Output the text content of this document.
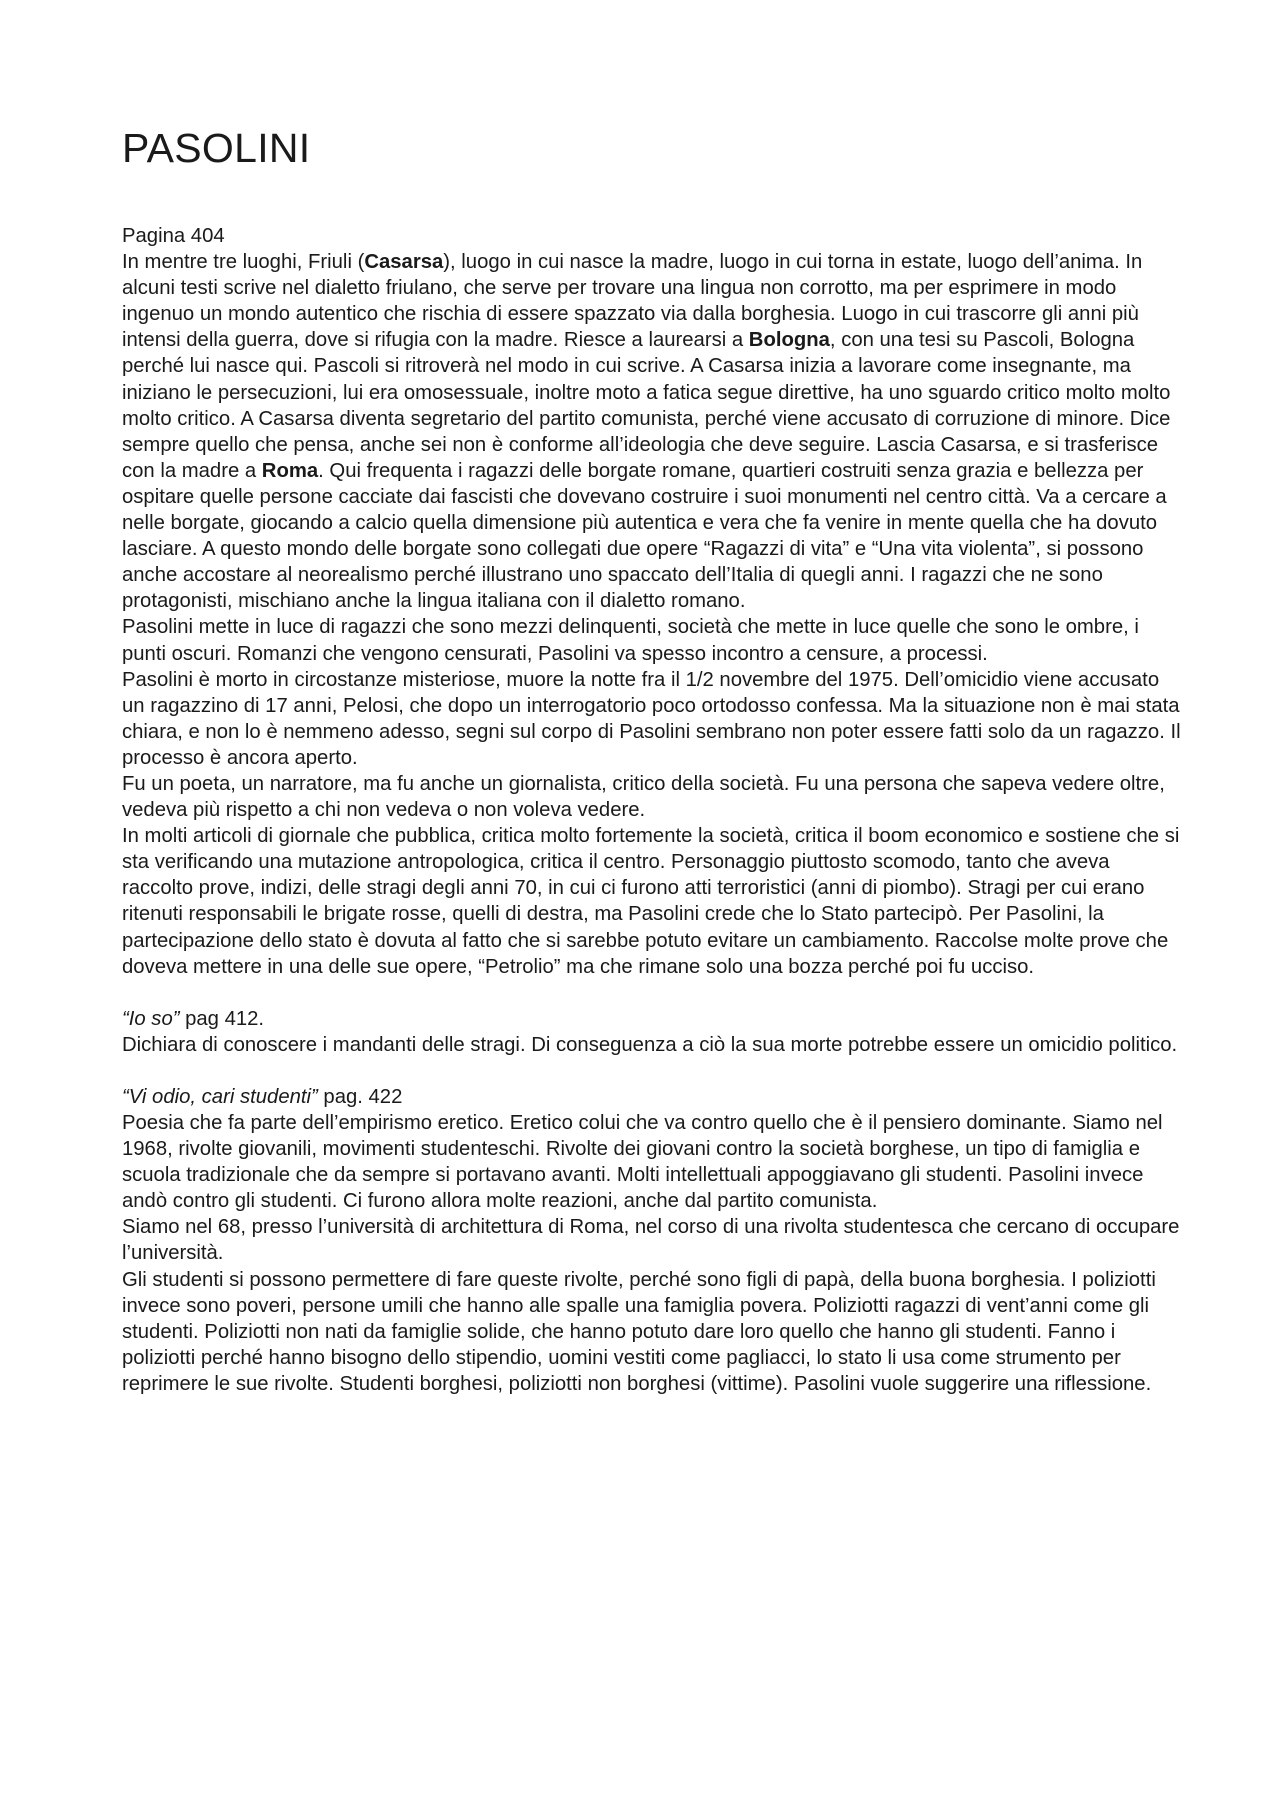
PASOLINI

Pagina 404

In mentre tre luoghi, Friuli (Casarsa), luogo in cui nasce la madre, luogo in cui torna in estate, luogo dell’anima. In alcuni testi scrive nel dialetto friulano, che serve per trovare una lingua non corrotto, ma per esprimere in modo ingenuo un mondo autentico che rischia di essere spazzato via dalla borghesia. Luogo in cui trascorre gli anni più intensi della guerra, dove si rifugia con la madre. Riesce a laurearsi a Bologna, con una tesi su Pascoli, Bologna perché lui nasce qui. Pascoli si ritroverà nel modo in cui scrive. A Casarsa inizia a lavorare come insegnante, ma iniziano le persecuzioni, lui era omosessuale, inoltre moto a fatica segue direttive, ha uno sguardo critico molto molto molto critico. A Casarsa diventa segretario del partito comunista, perché viene accusato di corruzione di minore. Dice sempre quello che pensa, anche sei non è conforme all’ideologia che deve seguire. Lascia Casarsa, e si trasferisce con la madre a Roma. Qui frequenta i ragazzi delle borgate romane, quartieri costruiti senza grazia e bellezza per ospitare quelle persone cacciate dai fascisti che dovevano costruire i suoi monumenti nel centro città. Va a cercare a nelle borgate, giocando a calcio quella dimensione più autentica e vera che fa venire in mente quella che ha dovuto lasciare. A questo mondo delle borgate sono collegati due opere “Ragazzi di vita” e “Una vita violenta”, si possono anche accostare al neorealismo perché illustrano uno spaccato dell’Italia di quegli anni. I ragazzi che ne sono protagonisti, mischiano anche la lingua italiana con il dialetto romano.

Pasolini mette in luce di ragazzi che sono mezzi delinquenti, società che mette in luce quelle che sono le ombre, i punti oscuri. Romanzi che vengono censurati, Pasolini va spesso incontro a censure, a processi.

Pasolini è morto in circostanze misteriose, muore la notte fra il 1/2 novembre del 1975. Dell’omicidio viene accusato un ragazzino di 17 anni, Pelosi, che dopo un interrogatorio poco ortodosso confessa. Ma la situazione non è mai stata chiara, e non lo è nemmeno adesso, segni sul corpo di Pasolini sembrano non poter essere fatti solo da un ragazzo. Il processo è ancora aperto.

Fu un poeta, un narratore, ma fu anche un giornalista, critico della società. Fu una persona che sapeva vedere oltre, vedeva più rispetto a chi non vedeva o non voleva vedere.

In molti articoli di giornale che pubblica, critica molto fortemente la società, critica il boom economico e sostiene che si sta verificando una mutazione antropologica, critica il centro. Personaggio piuttosto scomodo, tanto che aveva raccolto prove, indizi, delle stragi degli anni 70, in cui ci furono atti terroristici (anni di piombo). Stragi per cui erano ritenuti responsabili le brigate rosse, quelli di destra, ma Pasolini crede che lo Stato partecipò. Per Pasolini, la partecipazione dello stato è dovuta al fatto che si sarebbe potuto evitare un cambiamento. Raccolse molte prove che doveva mettere in una delle sue opere, “Petrolio” ma che rimane solo una bozza perché poi fu ucciso.

“Io so” pag 412.

Dichiara di conoscere i mandanti delle stragi. Di conseguenza a ciò la sua morte potrebbe essere un omicidio politico.

“Vi odio, cari studenti” pag. 422

Poesia che fa parte dell’empirismo eretico. Eretico colui che va contro quello che è il pensiero dominante. Siamo nel 1968, rivolte giovanili, movimenti studenteschi. Rivolte dei giovani contro la società borghese, un tipo di famiglia e scuola tradizionale che da sempre si portavano avanti. Molti intellettuali appoggiavano gli studenti. Pasolini invece andò contro gli studenti. Ci furono allora molte reazioni, anche dal partito comunista.

Siamo nel 68, presso l’università di architettura di Roma, nel corso di una rivolta studentesca che cercano di occupare l’università.

Gli studenti si possono permettere di fare queste rivolte, perché sono figli di papà, della buona borghesia. I poliziotti invece sono poveri, persone umili che hanno alle spalle una famiglia povera. Poliziotti ragazzi di vent’anni come gli studenti. Poliziotti non nati da famiglie solide, che hanno potuto dare loro quello che hanno gli studenti. Fanno i poliziotti perché hanno bisogno dello stipendio, uomini vestiti come pagliacci, lo stato li usa come strumento per reprimere le sue rivolte. Studenti borghesi, poliziotti non borghesi (vittime). Pasolini vuole suggerire una riflessione.
